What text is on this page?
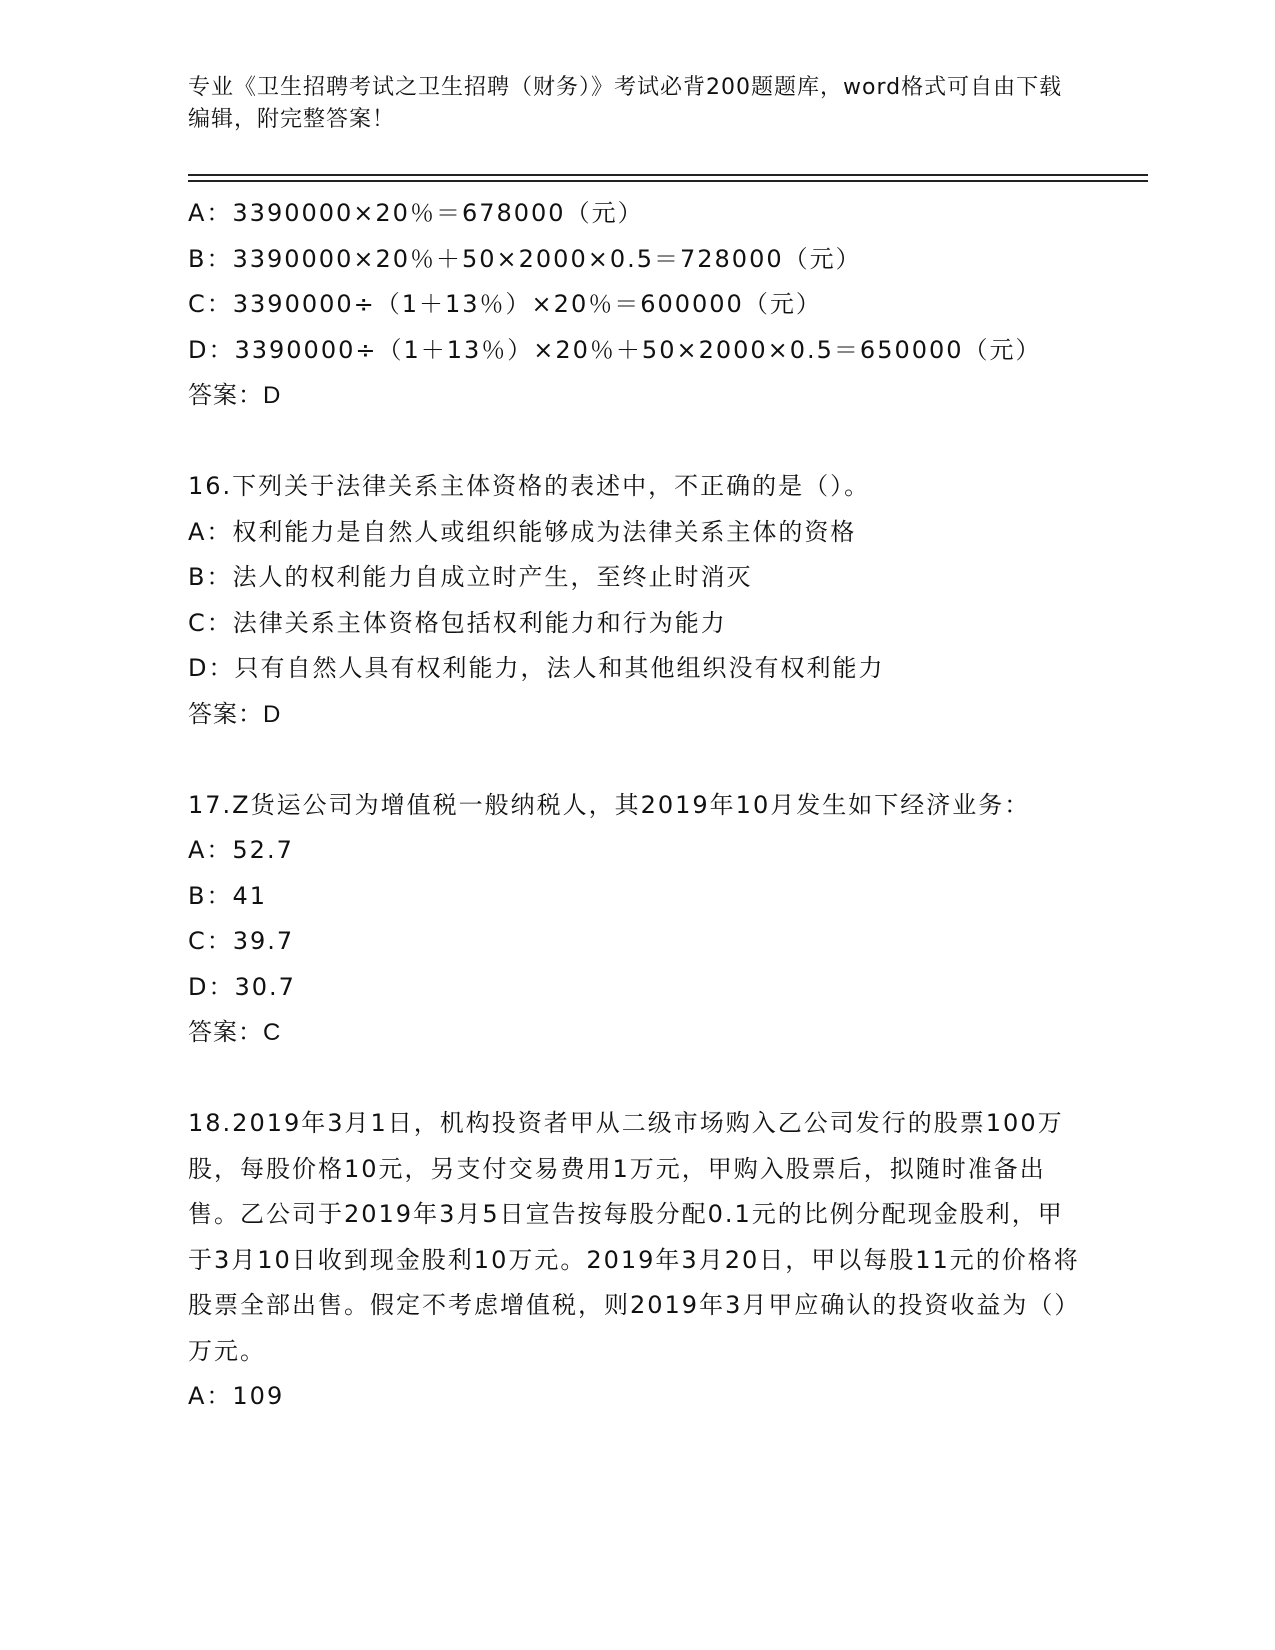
专业《卫生招聘考试之卫生招聘（财务）》考试必背200题题库，word格式可自由下载编辑，附完整答案！
A：3390000×20％＝678000（元）
B：3390000×20％＋50×2000×0.5＝728000（元）
C：3390000÷（1＋13％）×20％＝600000（元）
D：3390000÷（1＋13％）×20％＋50×2000×0.5＝650000（元）
答案：D
16.下列关于法律关系主体资格的表述中，不正确的是（）。
A：权利能力是自然人或组织能够成为法律关系主体的资格
B：法人的权利能力自成立时产生，至终止时消灭
C：法律关系主体资格包括权利能力和行为能力
D：只有自然人具有权利能力，法人和其他组织没有权利能力
答案：D
17.Z货运公司为增值税一般纳税人，其2019年10月发生如下经济业务：
A：52.7
B：41
C：39.7
D：30.7
答案：C
18.2019年3月1日，机构投资者甲从二级市场购入乙公司发行的股票100万股，每股价格10元，另支付交易费用1万元，甲购入股票后，拟随时准备出售。乙公司于2019年3月5日宣告按每股分配0.1元的比例分配现金股利，甲于3月10日收到现金股利10万元。2019年3月20日，甲以每股11元的价格将股票全部出售。假定不考虑增值税，则2019年3月甲应确认的投资收益为（）万元。
A：109
